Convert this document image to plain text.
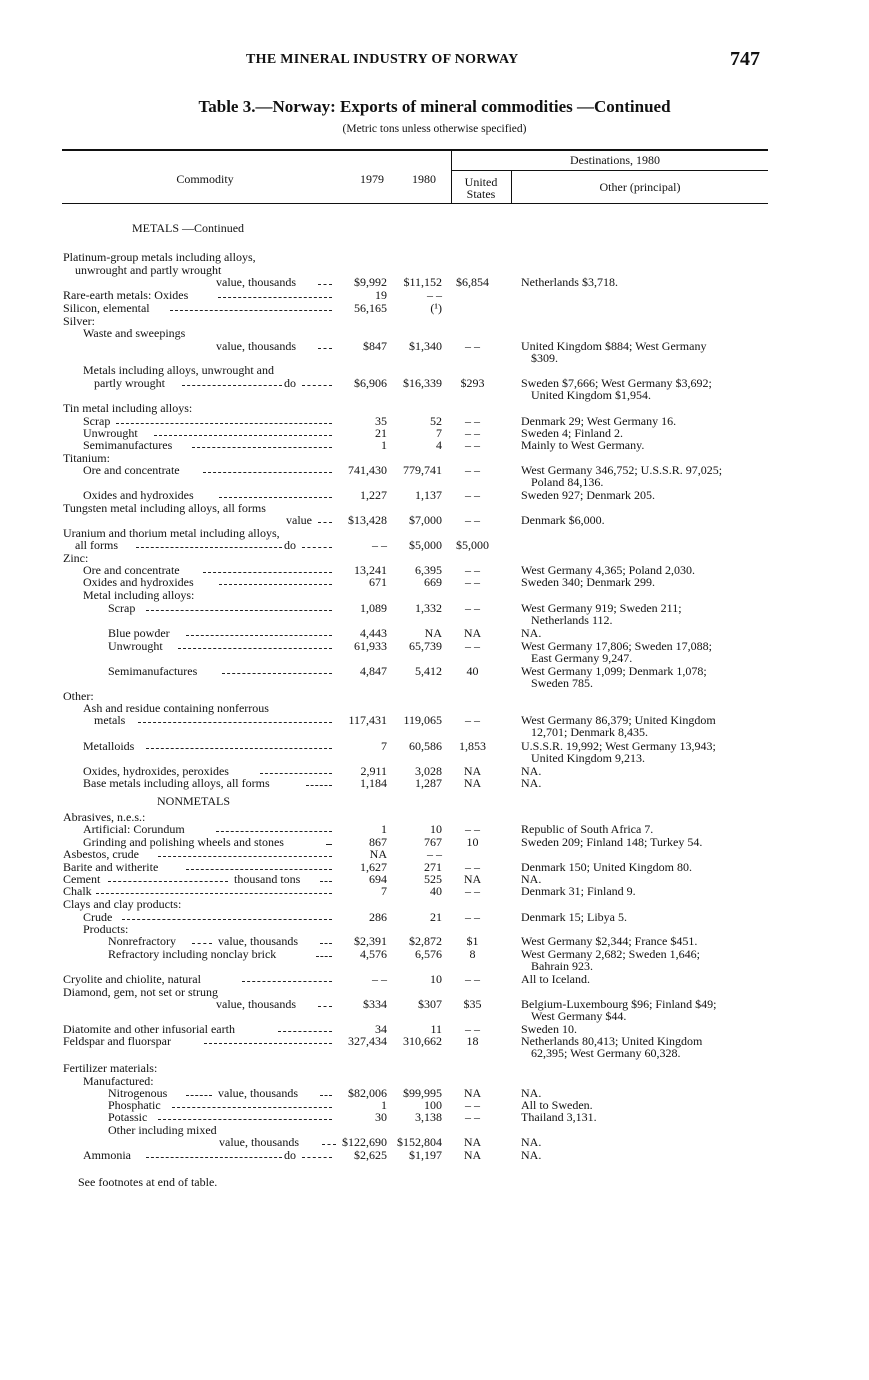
THE MINERAL INDUSTRY OF NORWAY	747
Table 3.—Norway: Exports of mineral commodities —Continued
(Metric tons unless otherwise specified)
Commodity	1979	1980
Destinations, 1980
United
States	Other (principal)
METALS —Continued
Platinum-group metals including alloys,
unwrought and partly wrought
value, thousands	$9,992	$11,152	$6,854	Netherlands $3,718.
Rare-earth metals: Oxides	19	– –
Silicon, elemental	56,165	(¹)
Silver:
Waste and sweepings
value, thousands	$847	$1,340	– –	United Kingdom $884; West Germany
$309.
Metals including alloys, unwrought and
partly wrought	do	$6,906	$16,339	$293	Sweden $7,666; West Germany $3,692;
United Kingdom $1,954.
Tin metal including alloys:
Scrap	35	52	– –	Denmark 29; West Germany 16.
Unwrought	21	7	– –	Sweden 4; Finland 2.
Semimanufactures	1	4	– –	Mainly to West Germany.
Titanium:
Ore and concentrate	741,430	779,741	– –	West Germany 346,752; U.S.S.R. 97,025;
Poland 84,136.
Oxides and hydroxides	1,227	1,137	– –	Sweden 927; Denmark 205.
Tungsten metal including alloys, all forms
value	$13,428	$7,000	– –	Denmark $6,000.
Uranium and thorium metal including alloys,
all forms	do	– –	$5,000	$5,000
Zinc:
Ore and concentrate	13,241	6,395	– –	West Germany 4,365; Poland 2,030.
Oxides and hydroxides	671	669	– –	Sweden 340; Denmark 299.
Metal including alloys:
Scrap	1,089	1,332	– –	West Germany 919; Sweden 211;
Netherlands 112.
Blue powder	4,443	NA	NA	NA.
Unwrought	61,933	65,739	– –	West Germany 17,806; Sweden 17,088;
East Germany 9,247.
Semimanufactures	4,847	5,412	40	West Germany 1,099; Denmark 1,078;
Sweden 785.
Other:
Ash and residue containing nonferrous
metals	117,431	119,065	– –	West Germany 86,379; United Kingdom
12,701; Denmark 8,435.
Metalloids	7	60,586	1,853	U.S.S.R. 19,992; West Germany 13,943;
United Kingdom 9,213.
Oxides, hydroxides, peroxides	2,911	3,028	NA	NA.
Base metals including alloys, all forms	1,184	1,287	NA	NA.
NONMETALS
Abrasives, n.e.s.:
Artificial: Corundum	1	10	– –	Republic of South Africa 7.
Grinding and polishing wheels and stones	867	767	10	Sweden 209; Finland 148; Turkey 54.
Asbestos, crude	NA	– –
Barite and witherite	1,627	271	– –	Denmark 150; United Kingdom 80.
Cement	thousand tons	694	525	NA	NA.
Chalk	7	40	– –	Denmark 31; Finland 9.
Clays and clay products:
Crude	286	21	– –	Denmark 15; Libya 5.
Products:
Nonrefractory	value, thousands	$2,391	$2,872	$1	West Germany $2,344; France $451.
Refractory including nonclay brick	4,576	6,576	8	West Germany 2,682; Sweden 1,646;
Bahrain 923.
Cryolite and chiolite, natural	– –	10	– –	All to Iceland.
Diamond, gem, not set or strung
value, thousands	$334	$307	$35	Belgium-Luxembourg $96; Finland $49;
West Germany $44.
Diatomite and other infusorial earth	34	11	– –	Sweden 10.
Feldspar and fluorspar	327,434	310,662	18	Netherlands 80,413; United Kingdom
62,395; West Germany 60,328.
Fertilizer materials:
Manufactured:
Nitrogenous	value, thousands	$82,006	$99,995	NA	NA.
Phosphatic	1	100	– –	All to Sweden.
Potassic	30	3,138	– –	Thailand 3,131.
Other including mixed
value, thousands	$122,690 $152,804	NA	NA.
Ammonia	do	$2,625	$1,197	NA	NA.
See footnotes at end of table.
